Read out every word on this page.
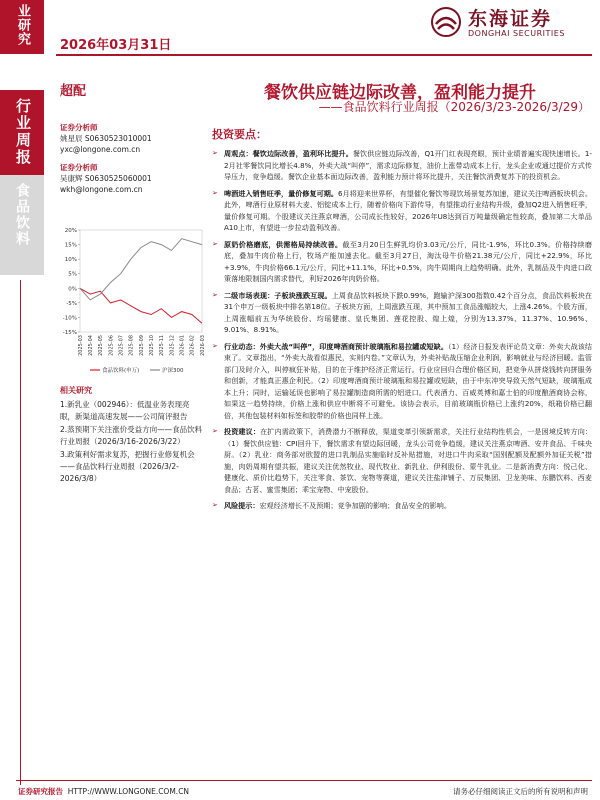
业研究	2026年03月31日
东海证券
DONGHAI SECURITIES
行业周报
食品饮料
超配
证券分析师
姚星辰 S0630523010001
yxc@longone.com.cn
证券分析师
吴康辉 S0630525060001
wkh@longone.com.cn
20%
15%
10%
5%
0%
-5%
-10%
-15%
2025-03 2025-04 2025-05 2025-06 2025-07 2025-08 2025-09 2025-10 2025-11 2025-12 2026-01 2026-02 2026-03
食品饮料(申万)	沪深300
相关研究
1.新乳业（002946）：低温业务表现亮眼，新渠道高速发展——公司简评报告
2.蒸预期下关注涨价受益方向——食品饮料行业周报（2026/3/16-2026/3/22）
3.政策利好需求复苏，把握行业修复机会——食品饮料行业周报（2026/3/2-2026/3/8）
餐饮供应链边际改善，盈利能力提升
——食品饮料行业周报（2026/3/23-2026/3/29）
投资要点：
➢ 周观点：餐饮边际改善，盈利环比提升。餐饮供应链边际改善，Q1开门红表现亮眼，预计业绩普遍实现快速增长。1-2月社零餐饮同比增长4.8%，外卖大战“叫停”，需求边际修复，油价上涨带动成本上行，龙头企业或通过提价方式传导压力，竞争趋缓。餐饮企业基本面边际改善，盈利能力预计将环比提升，关注餐饮消费复苏下的投资机会。
➢ 啤酒进入销售旺季，量价修复可期。6月将迎来世界杯，有望催化餐饮等现饮场景复苏加速，建议关注啤酒板块机会。此外，啤酒行业原材料大麦、铝锭成本上行，随着价格向下游传导，有望推动行业结构升级，叠加Q2进入销售旺季，量价修复可期。个股建议关注燕京啤酒，公司成长性较好，2026年U8达到百万吨量级确定性较高，叠加第二大单品A10上市，有望进一步拉动盈利改善。
➢ 原奶价格磨底，供需格局持续改善。截至3月20日生鲜乳均价3.03元/公斤，同比-1.9%，环比0.3%。价格持续磨底，叠加牛肉价格上行，牧场产能加速去化。截至3月27日，淘汰母牛价格21.38元/公斤，同比+22.9%，环比+3.9%，牛肉价格66.1元/公斤，同比+11.1%，环比+0.5%，肉牛周期向上趋势明确。此外，乳制品及牛肉进口政策落地限制国内需求替代，利好2026年肉奶价格。
➢ 二级市场表现：子板块涨跌互现。上周食品饮料板块下跌0.99%，跑输沪深300指数0.42个百分点，食品饮料板块在31个申万一级板块中排名第18位。子板块方面，上周涨跌互现，其中预加工食品涨幅较大，上涨4.26%。个股方面，上周涨幅前五为华统股份、均瑶健康、皇氏集团、莲花控股、煌上煌，分别为13.37%、11.37%、10.96%、9.01%、8.91%。
➢ 行业动态：外卖大战“叫停”，印度啤酒商预计玻璃瓶和易拉罐或短缺。（1）经济日报发表评论员文章：外卖大战该结束了。文章指出，“外卖大战看似惠民，实则内卷。”文章认为，外卖补贴战压缩企业利润，影响就业与经济回暖。监管部门及时介入，叫停疯狂补贴，目的在于维护经济正常运行。行业应回归合理价格区间，把竞争从拼烧钱转向拼服务和创新，才能真正惠企利民。（2）印度啤酒商预计玻璃瓶和易拉罐或短缺，由于中东冲突导致天然气短缺，玻璃瓶成本上升；同时，运输延误也影响了易拉罐制造商所需的铝进口。代表酒力、百威英博和嘉士伯的印度酿酒商协会称，如果这一趋势持续，价格上涨和供应中断将不可避免。该协会表示，目前玻璃瓶价格已上涨约20%，纸箱价格已翻倍，其他包装材料如标签和胶带的价格也同样上涨。
➢ 投资建议：在扩内需政策下，消费潜力不断释放，渠道变革引领新需求，关注行业结构性机会，一是困境反转方向：（1）餐饮供应链：CPI回升下，餐饮需求有望边际回暖，龙头公司竞争趋缓，建议关注燕京啤酒、安井食品、千味央厨。（2）乳业：商务部对欧盟的进口乳制品实施临时反补贴措施，对进口牛肉采取“国别配额及配额外加征关税”措施，肉奶周期有望共振，建议关注优然牧业、现代牧业、新乳业、伊利股份、蒙牛乳业。二是新消费方向：悦己化、健康化、质价比趋势下，关注零食、茶饮、宠物等赛道，建议关注盐津铺子、万辰集团、卫龙美味、东鹏饮料、西麦食品；古茗、蜜雪集团；乖宝宠物、中宠股份。
➢ 风险提示：宏观经济增长不及预期；竞争加剧的影响；食品安全的影响。
证券研究报告 HTTP://WWW.LONGONE.COM.CN	请务必仔细阅读正文后的所有说明和声明
